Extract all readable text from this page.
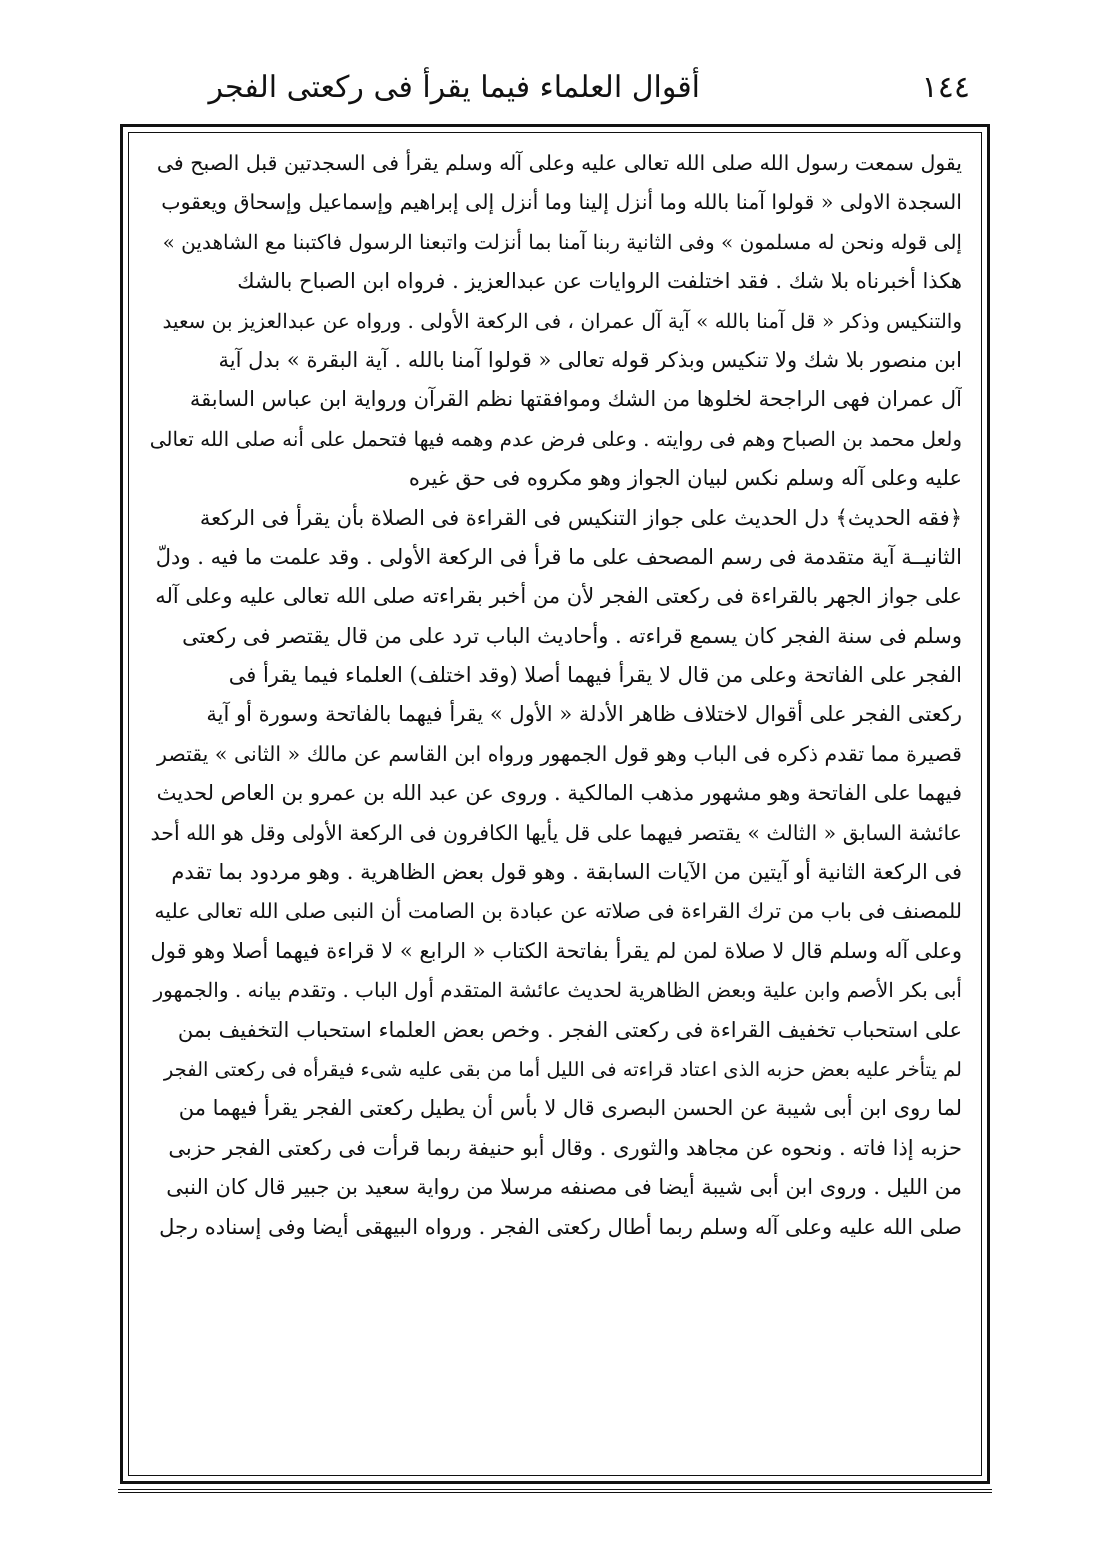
١٤٤
أقوال العلماء فيما يقرأ فى ركعتى الفجر
يقول سمعت رسول الله صلى الله تعالى عليه وعلى آله وسلم يقرأ فى السجدتين قبل الصبح فى
السجدة الاولى « قولوا آمنا بالله وما أنزل إلينا وما أنزل إلى إبراهيم وإسماعيل وإسحاق ويعقوب
إلى قوله ونحن له مسلمون » وفى الثانية ربنا آمنا بما أنزلت واتبعنا الرسول فاكتبنا مع الشاهدين »
هكذا أخبرناه بلا شك . فقد اختلفت الروايات عن عبدالعزيز . فرواه ابن الصباح بالشك
والتنكيس وذكر « قل آمنا بالله » آية آل عمران ، فى الركعة الأولى . ورواه عن عبدالعزيز بن سعيد
ابن منصور بلا شك ولا تنكيس وبذكر قوله تعالى « قولوا آمنا بالله . آية البقرة » بدل آية
آل عمران فهى الراجحة لخلوها من الشك وموافقتها نظم القرآن ورواية ابن عباس السابقة
ولعل محمد بن الصباح وهم فى روايته . وعلى فرض عدم وهمه فيها فتحمل على أنه صلى الله تعالى
عليه وعلى آله وسلم نكس لبيان الجواز وهو مكروه فى حق غيره
﴿فقه الحديث﴾ دل الحديث على جواز التنكيس فى القراءة فى الصلاة بأن يقرأ فى الركعة
الثانيــة آية متقدمة فى رسم المصحف على ما قرأ فى الركعة الأولى . وقد علمت ما فيه . ودلّ
على جواز الجهر بالقراءة فى ركعتى الفجر لأن من أخبر بقراءته صلى الله تعالى عليه وعلى آله
وسلم فى سنة الفجر كان يسمع قراءته . وأحاديث الباب ترد على من قال يقتصر فى ركعتى
الفجر على الفاتحة وعلى من قال لا يقرأ فيهما أصلا (وقد اختلف) العلماء فيما يقرأ فى
ركعتى الفجر على أقوال لاختلاف ظاهر الأدلة « الأول » يقرأ فيهما بالفاتحة وسورة أو آية
قصيرة مما تقدم ذكره فى الباب وهو قول الجمهور ورواه ابن القاسم عن مالك « الثانى » يقتصر
فيهما على الفاتحة وهو مشهور مذهب المالكية . وروى عن عبد الله بن عمرو بن العاص لحديث
عائشة السابق « الثالث » يقتصر فيهما على قل يأيها الكافرون فى الركعة الأولى وقل هو الله أحد
فى الركعة الثانية أو آيتين من الآيات السابقة . وهو قول بعض الظاهرية . وهو مردود بما تقدم
للمصنف فى باب من ترك القراءة فى صلاته عن عبادة بن الصامت أن النبى صلى الله تعالى عليه
وعلى آله وسلم قال لا صلاة لمن لم يقرأ بفاتحة الكتاب « الرابع » لا قراءة فيهما أصلا وهو قول
أبى بكر الأصم وابن علية وبعض الظاهرية لحديث عائشة المتقدم أول الباب . وتقدم بيانه . والجمهور
على استحباب تخفيف القراءة فى ركعتى الفجر . وخص بعض العلماء استحباب التخفيف بمن
لم يتأخر عليه بعض حزبه الذى اعتاد قراءته فى الليل أما من بقى عليه شىء فيقرأه فى ركعتى الفجر
لما روى ابن أبى شيبة عن الحسن البصرى قال لا بأس أن يطيل ركعتى الفجر يقرأ فيهما من
حزبه إذا فاته . ونحوه عن مجاهد والثورى . وقال أبو حنيفة ربما قرأت فى ركعتى الفجر حزبى
من الليل . وروى ابن أبى شيبة أيضا فى مصنفه مرسلا من رواية سعيد بن جبير قال كان النبى
صلى الله عليه وعلى آله وسلم ربما أطال ركعتى الفجر . ورواه البيهقى أيضا وفى إسناده رجل
